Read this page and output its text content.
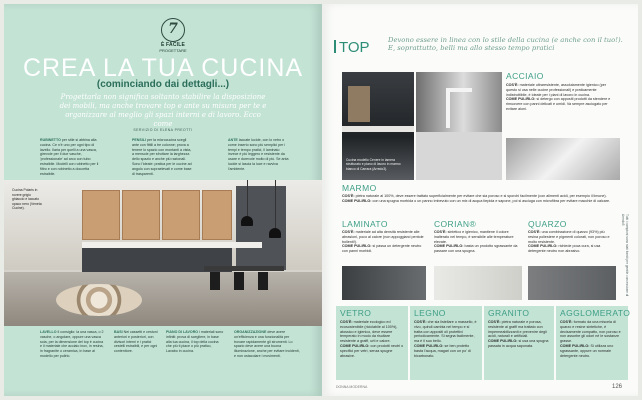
7
È FACILE
PROGETTARE
CREA LA TUA CUCINA
(cominciando dai dettagli...)
Progettarla non significa soltanto stabilire la disposizione dei mobili, ma anche trovare top e ante su misura per te e organizzare al meglio gli spazi interni e di lavoro. Ecco come
SERVIZIO DI ELENA PREOTTI
RUBINETTO per stile si abbina alla cucina. Ce n'è uno per ogni tipo di lavello. Ilaria per quelli a una vasca, girevole per il due vasche, 'professionale' ad arco con tubo estraibile. Modelli con rubinetto per il filtro e con rubinetto a doccetta estraibile.
PENSILI per la microcucina scegli ante con fittili a tre colonne; prova a tenere lo spazio con montanti a vista, a mensole per sfruttare la larghezza dello spazio e anche più razionali. Sono l'ideale: pratica per le cucine ad angolo con sopraelevati e come base di trasparenti.
ANTE laccate lucide, con lo vetro o come inserto sono più semplici per i tempi e tempo pratici, il laminato invece è più leggero e resistente da usare e durevole molto di più. Se anta lucide si lascia la luce e ravviva l'ambiente.
Cucina Polaris in rovere grigio ghiaccio e laccato opaco nero (Veneta Cucine).
LAVELLO Il consiglio: la una vasca, o 2 vasche, o angolare, oppure una vasca sola, per la dimensione del top è cucina e il materiale che acciaio inox, in resina, in fragranite o ceramica, in base al modello per pulirlo.
BASI Nei cassetti e cestoni anteriori e posteriori, con divisori interni e i pratici cestelli estraibili, e per ogni contenitore.
PIANO DI LAVORO i materiali sono infiniti: prova di scegliere, in base alla tua cucina, il top della cucina che più ti piace o più pratico, Lavabo in cucina.
ORGANIZZAZIONE deve avere un'efficienza e una funzionalità per trovare rapidamente gli strumenti. Lo spazio deve avere una buona illuminazione, anche per evitare incidenti, e non ostacolare i movimenti.
TOP	Devono essere in linea con lo stile della cucina (e anche con il tuo!). E, soprattutto, belli ma allo stesso tempo pratici
Cucina modello Cenere in lamera strutturato e piano di lavoro in marmo bianco di Carrara (Arredo3).
ACCIAIO
COS'È: materiale ultraresistente, assolutamente igienico (per questo si usa nelle cucine professionali) e praticamente indistruttibile, è ideale per i piani di lavoro in cucina.
COME PULIRLO: si detergo con appositi prodotti da stendere e rimuovere con panni delicati e umidi. Va sempre asciugato per evitare aloni.
MARMO
COS'È: pietra naturale al 100%, deve essere trattato superficialmente per evitare che sia poroso e si sporchi facilmente (con alimenti acidi, per esempio il limone).
COME PULIRLO: con una spugna morbida o un panno imbevuto con un mix di acqua tiepida e sapone, poi si asciuga con microfibra per evitare macchie di calcare.
LAMINATO
COS'È: materiale ad alta densità resistente alle abrasioni, poco al calore (non appoggiarci pentole bollenti!).
COME PULIRLO: si passa un detergente neutro con panni morbidi.
CORIAN®
COS'È: sintetico e igienico, mantiene il colore inalterato nel tempo, è sensibile alle temperature elevate.
COME PULIRLO: basta un prodotto sgrassante da passare con una spugna.
QUARZO
COS'È: una combinazione di quarzo (93%) più resina poliestere e pigmenti colorati, non poroso e molto resistente.
COME PULIRLO: richiede poca cura, si usa detergente neutro non abrasivo.
VETRO
COS'È: materiale ecologico ed ecosostenibile (riciclabile al 100%), atossico e igienico, deve essere temperato in modo da risultare resistente a graffi, urti e calore.
COME PULIRLO: con prodotti neutri o specifici per vetri, senza spugne abrasive.
LEGNO
COS'È: che sia listellare o massello, è vivo, quindi cambia nel tempo e si tratta con appositi oli protettivi periodicamente. Si segna facilmente, ma è il suo bello.
COME PULIRLO: se ben protetto basta l'acqua, magari con un po' di bicarbonato.
GRANITO
COS'È: pietra naturale e porosa, resistente ai graffi ma trattato con impermeabilizzanti e prevenire degli acidi, naturali e artificiali.
COME PULIRLO: si usa una spugna passata in acqua saponata.
AGGLOMERATO
COS'È: formato da una miscela di quarzo e resine sintetiche, è decisamente compatto, non poroso e non assorbe gli odori né le sostanze grasse.
COME PULIRLO: Si utilizza uno sgrassante, oppure un normale detergente neutro.
Tutti i campioni sono stati forniti per gentile concessione di Arredo3
DONNA MODERNA	126
